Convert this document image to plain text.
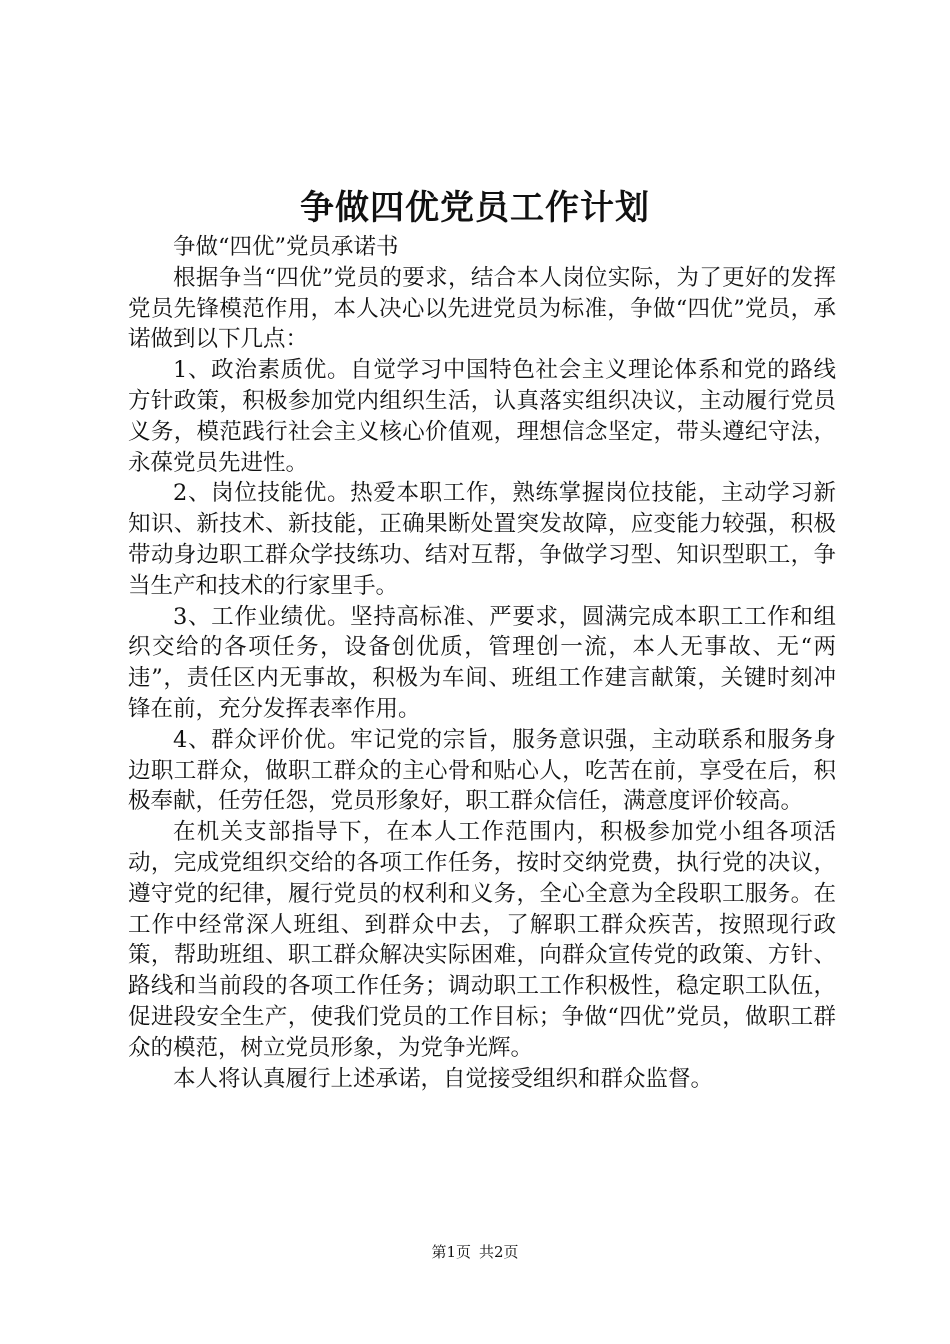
争做四优党员工作计划

争做“四优”党员承诺书

根据争当“四优”党员的要求，结合本人岗位实际，为了更好的发挥党员先锋模范作用，本人决心以先进党员为标准，争做“四优”党员，承诺做到以下几点：

1、政治素质优。自觉学习中国特色社会主义理论体系和党的路线方针政策，积极参加党内组织生活，认真落实组织决议，主动履行党员义务，模范践行社会主义核心价值观，理想信念坚定，带头遵纪守法，永葆党员先进性。

2、岗位技能优。热爱本职工作，熟练掌握岗位技能，主动学习新知识、新技术、新技能，正确果断处置突发故障，应变能力较强，积极带动身边职工群众学技练功、结对互帮，争做学习型、知识型职工，争当生产和技术的行家里手。

3、工作业绩优。坚持高标准、严要求，圆满完成本职工工作和组织交给的各项任务，设备创优质，管理创一流，本人无事故、无“两违”，责任区内无事故，积极为车间、班组工作建言献策，关键时刻冲锋在前，充分发挥表率作用。

4、群众评价优。牢记党的宗旨，服务意识强，主动联系和服务身边职工群众，做职工群众的主心骨和贴心人，吃苦在前，享受在后，积极奉献，任劳任怨，党员形象好，职工群众信任，满意度评价较高。

在机关支部指导下，在本人工作范围内，积极参加党小组各项活动，完成党组织交给的各项工作任务，按时交纳党费，执行党的决议，遵守党的纪律，履行党员的权利和义务，全心全意为全段职工服务。在工作中经常深人班组、到群众中去，了解职工群众疾苦，按照现行政策，帮助班组、职工群众解决实际困难，向群众宣传党的政策、方针、路线和当前段的各项工作任务；调动职工工作积极性，稳定职工队伍，促进段安全生产，使我们党员的工作目标；争做“四优”党员，做职工群众的模范，树立党员形象，为党争光辉。

本人将认真履行上述承诺，自觉接受组织和群众监督。

第1页 共2页
